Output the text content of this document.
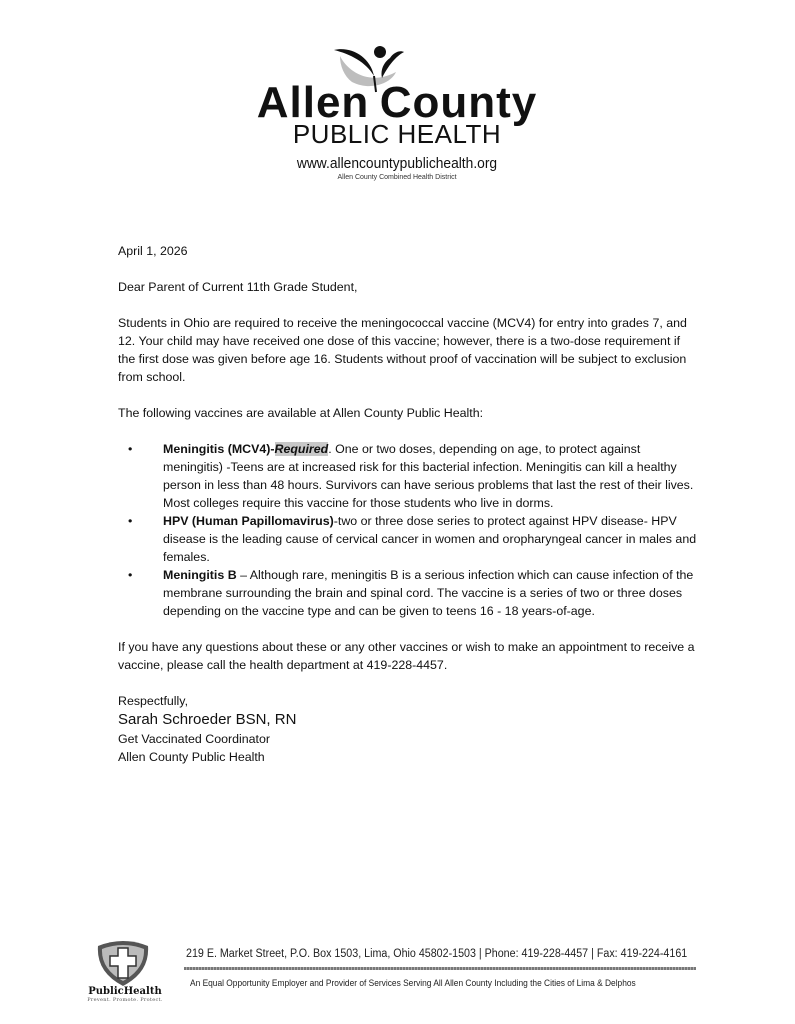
Allen County
PUBLIC HEALTH
www.allencountypublichealth.org
Allen County Combined Health District

April 1, 2026

Dear Parent of Current 11th Grade Student,

Students in Ohio are required to receive the meningococcal vaccine (MCV4) for entry into grades 7, and 12. Your child may have received one dose of this vaccine; however, there is a two-dose requirement if the first dose was given before age 16. Students without proof of vaccination will be subject to exclusion from school.

The following vaccines are available at Allen County Public Health:

• Meningitis (MCV4)-Required. One or two doses, depending on age, to protect against meningitis) -Teens are at increased risk for this bacterial infection. Meningitis can kill a healthy person in less than 48 hours. Survivors can have serious problems that last the rest of their lives. Most colleges require this vaccine for those students who live in dorms.
• HPV (Human Papillomavirus)-two or three dose series to protect against HPV disease- HPV disease is the leading cause of cervical cancer in women and oropharyngeal cancer in males and females.
• Meningitis B – Although rare, meningitis B is a serious infection which can cause infection of the membrane surrounding the brain and spinal cord. The vaccine is a series of two or three doses depending on the vaccine type and can be given to teens 16 - 18 years-of-age.

If you have any questions about these or any other vaccines or wish to make an appointment to receive a vaccine, please call the health department at 419-228-4457.

Respectfully,

Sarah Schroeder BSN, RN

Get Vaccinated Coordinator

Allen County Public Health

PublicHealth
Prevent. Promote. Protect.
219 E. Market Street, P.O. Box 1503, Lima, Ohio 45802-1503 | Phone: 419-228-4457 | Fax: 419-224-4161
An Equal Opportunity Employer and Provider of Services Serving All Allen County Including the Cities of Lima & Delphos
